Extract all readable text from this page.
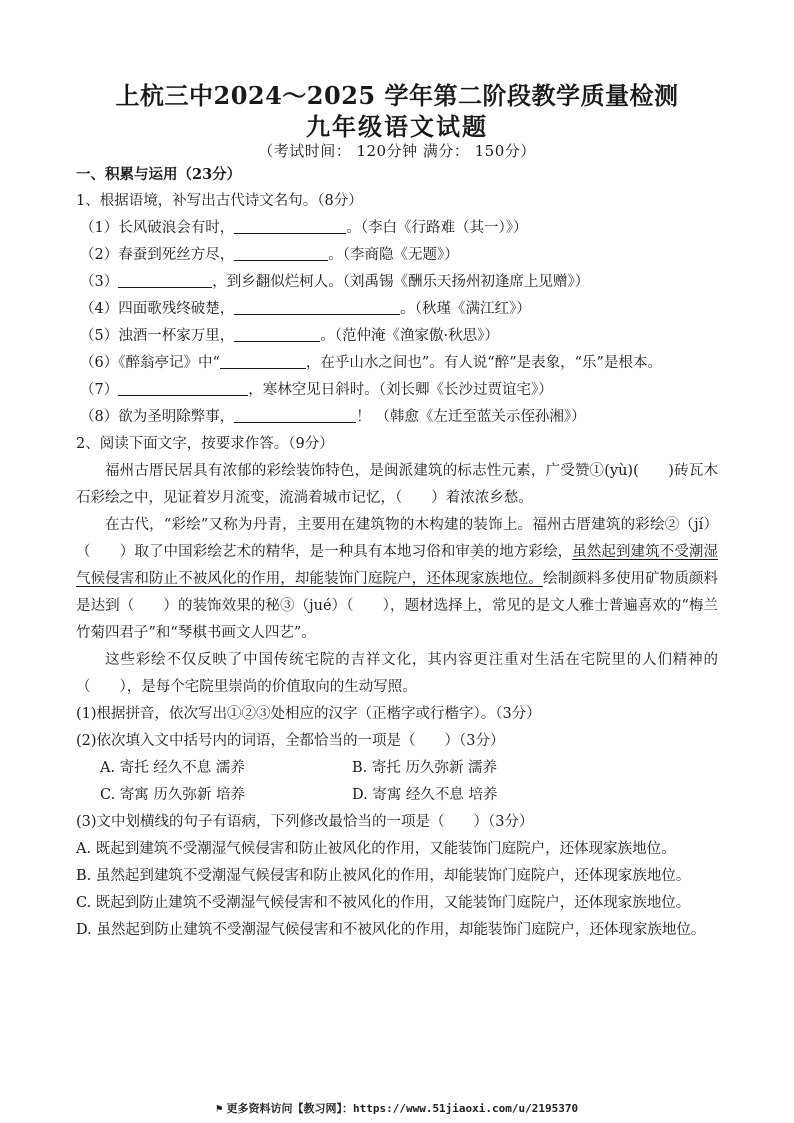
上杭三中2024～2025 学年第二阶段教学质量检测
九年级语文试题
（考试时间： 120分钟 满分： 150分）

一、积累与运用（23分）

1、根据语境，补写出古代诗文名句。（8分）

（1）长风破浪会有时，	。（李白《行路难（其一）》）

（2）春蚕到死丝方尽，	。（李商隐《无题》）

（3）	，到乡翻似烂柯人。（刘禹锡《酬乐天扬州初逢席上见赠》）

（4）四面歌残终破楚，	。（秋瑾《满江红》）

（5）浊酒一杯家万里，	。（范仲淹《渔家傲·秋思》）

（6）《醉翁亭记》中“	，在乎山水之间也”。有人说“醉”是表象，“乐”是根本。

（7）	，寒林空见日斜时。（刘长卿《长沙过贾谊宅》）

（8）欲为圣明除弊事，	！ （韩愈《左迁至蓝关示侄孙湘》）

2、阅读下面文字，按要求作答。（9分）

福州古厝民居具有浓郁的彩绘装饰特色，是闽派建筑的标志性元素，广受赞①(yù)(　　)砖瓦木石彩绘之中，见证着岁月流变，流淌着城市记忆，（　　）着浓浓乡愁。

在古代，“彩绘”又称为丹青，主要用在建筑物的木构建的装饰上。福州古厝建筑的彩绘②（jí）（　　）取了中国彩绘艺术的精华，是一种具有本地习俗和审美的地方彩绘，虽然起到建筑不受潮湿气候侵害和防止不被风化的作用，却能装饰门庭院户，还体现家族地位。绘制颜料多使用矿物质颜料是达到（　　）的装饰效果的秘③（jué）（　　），题材选择上，常见的是文人雅士普遍喜欢的“梅兰竹菊四君子”和“琴棋书画文人四艺”。

这些彩绘不仅反映了中国传统宅院的吉祥文化，其内容更注重对生活在宅院里的人们精神的（　　），是每个宅院里崇尚的价值取向的生动写照。

(1)根据拼音，依次写出①②③处相应的汉字（正楷字或行楷字）。（3分）

(2)依次填入文中括号内的词语，全都恰当的一项是（　　）（3分）

A. 寄托 经久不息 濡养	B. 寄托 历久弥新 濡养
C. 寄寓 历久弥新 培养	D. 寄寓 经久不息 培养

(3)文中划横线的句子有语病，下列修改最恰当的一项是（　　）（3分）

A. 既起到建筑不受潮湿气候侵害和防止被风化的作用，又能装饰门庭院户，还体现家族地位。

B. 虽然起到建筑不受潮湿气候侵害和防止被风化的作用，却能装饰门庭院户，还体现家族地位。

C. 既起到防止建筑不受潮湿气候侵害和不被风化的作用，又能装饰门庭院户，还体现家族地位。

D. 虽然起到防止建筑不受潮湿气候侵害和不被风化的作用，却能装饰门庭院户，还体现家族地位。

⚑ 更多资料访问【教习网】：https://www.51jiaoxi.com/u/2195370
